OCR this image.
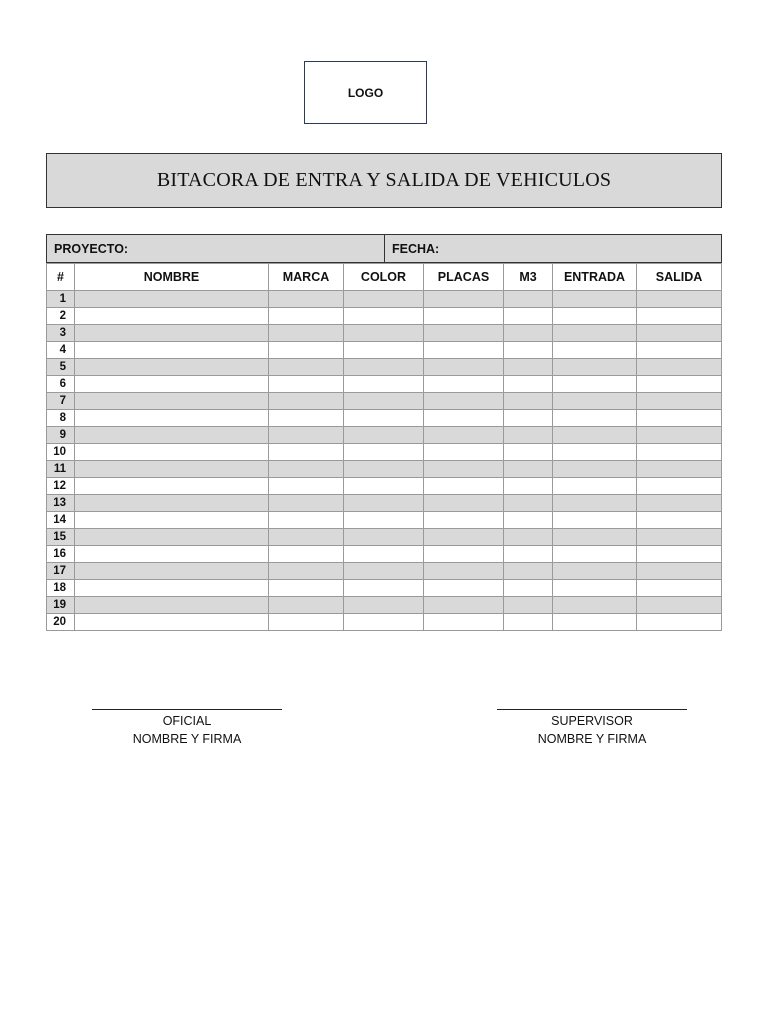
LOGO
BITACORA DE ENTRA Y SALIDA DE VEHICULOS
PROYECTO:	FECHA:
#	NOMBRE	MARCA	COLOR	PLACAS	M3	ENTRADA	SALIDA
1							
2							
3							
4							
5							
6							
7							
8							
9							
10							
11							
12							
13							
14							
15							
16							
17							
18							
19							
20							
OFICIAL
NOMBRE Y FIRMA
SUPERVISOR
NOMBRE Y FIRMA
